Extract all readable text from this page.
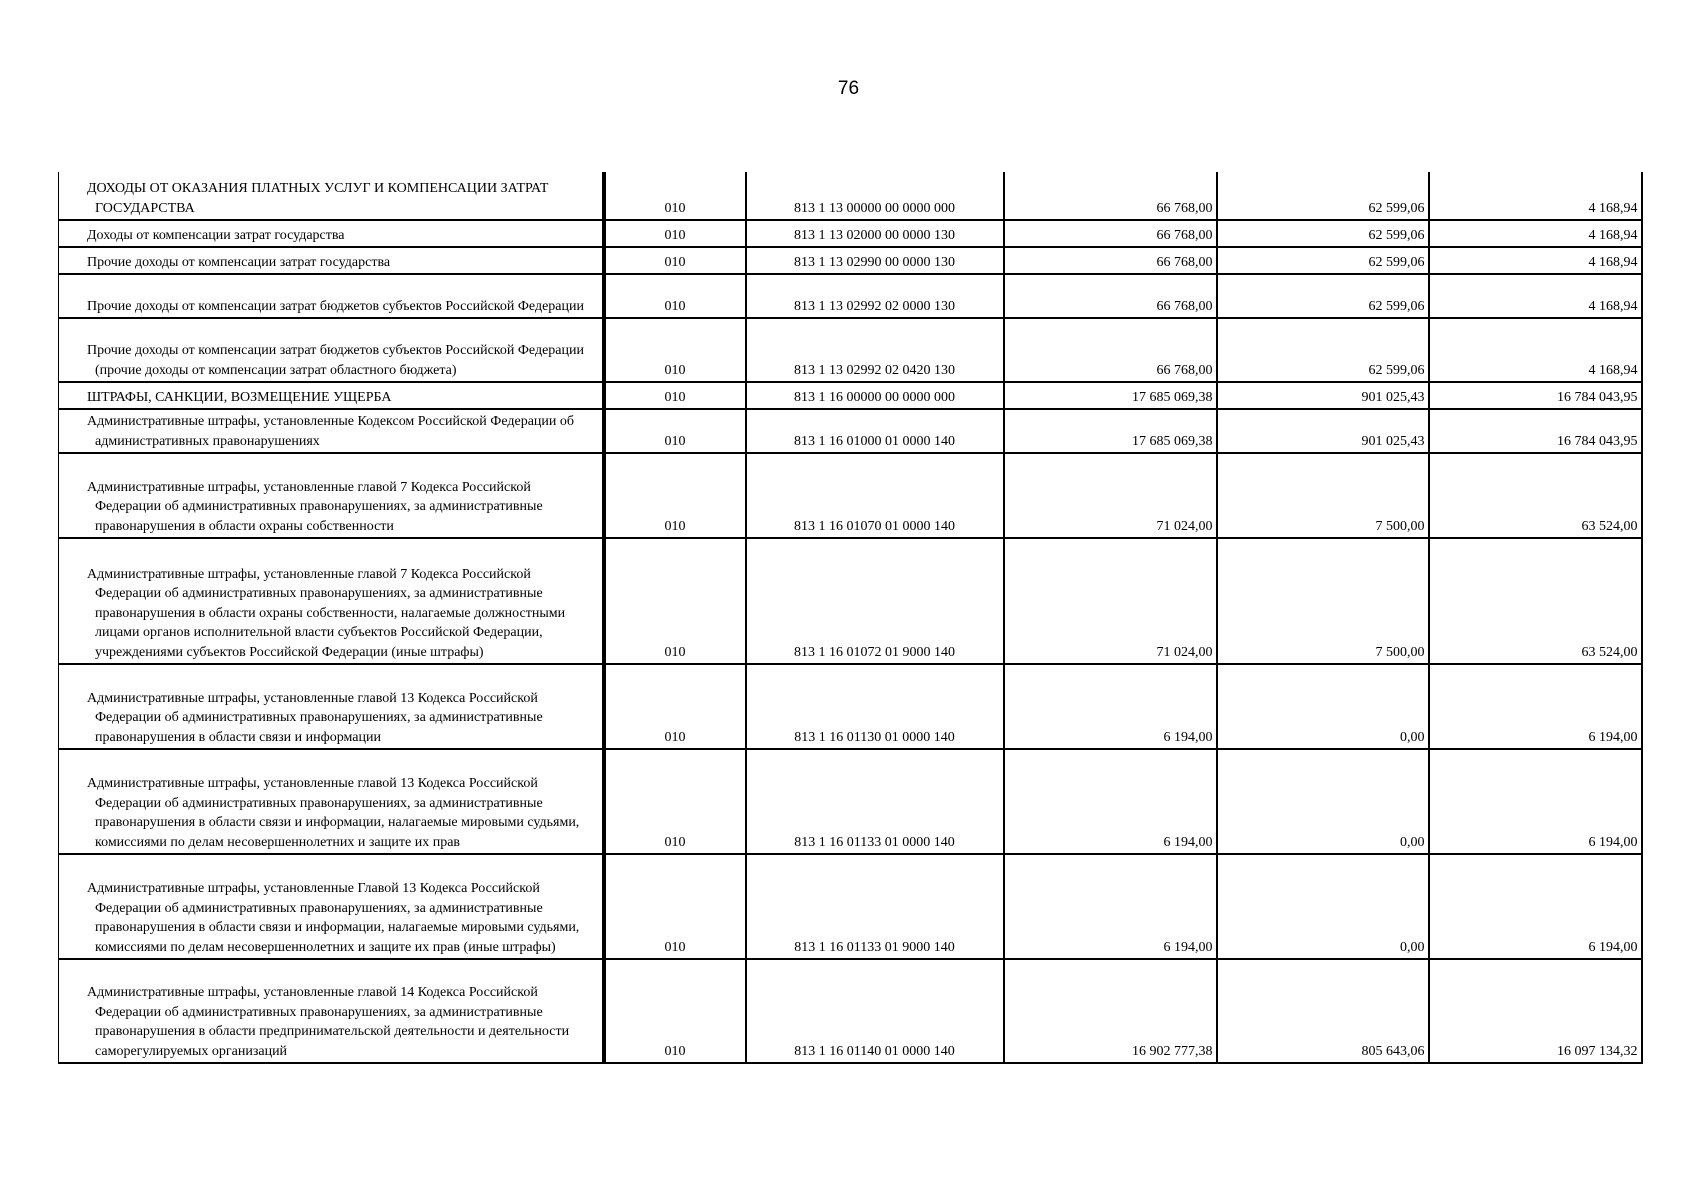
76
ДОХОДЫ ОТ ОКАЗАНИЯ ПЛАТНЫХ УСЛУГ И КОМПЕНСАЦИИ ЗАТРАТ ГОСУДАРСТВА	010	813 1 13 00000 00 0000 000	66 768,00	62 599,06	4 168,94
Доходы от компенсации затрат государства	010	813 1 13 02000 00 0000 130	66 768,00	62 599,06	4 168,94
Прочие доходы от компенсации затрат государства	010	813 1 13 02990 00 0000 130	66 768,00	62 599,06	4 168,94
Прочие доходы от компенсации затрат бюджетов субъектов Российской Федерации	010	813 1 13 02992 02 0000 130	66 768,00	62 599,06	4 168,94
Прочие доходы от компенсации затрат бюджетов субъектов Российской Федерации (прочие доходы от компенсации затрат областного бюджета)	010	813 1 13 02992 02 0420 130	66 768,00	62 599,06	4 168,94
ШТРАФЫ, САНКЦИИ, ВОЗМЕЩЕНИЕ УЩЕРБА	010	813 1 16 00000 00 0000 000	17 685 069,38	901 025,43	16 784 043,95
Административные штрафы, установленные Кодексом Российской Федерации об административных правонарушениях	010	813 1 16 01000 01 0000 140	17 685 069,38	901 025,43	16 784 043,95
Административные штрафы, установленные главой 7 Кодекса Российской Федерации об административных правонарушениях, за административные правонарушения в области охраны собственности	010	813 1 16 01070 01 0000 140	71 024,00	7 500,00	63 524,00
Административные штрафы, установленные главой 7 Кодекса Российской Федерации об административных правонарушениях, за административные правонарушения в области охраны собственности, налагаемые должностными лицами органов исполнительной власти субъектов Российской Федерации, учреждениями субъектов Российской Федерации (иные штрафы)	010	813 1 16 01072 01 9000 140	71 024,00	7 500,00	63 524,00
Административные штрафы, установленные главой 13 Кодекса Российской Федерации об административных правонарушениях, за административные правонарушения в области связи и информации	010	813 1 16 01130 01 0000 140	6 194,00	0,00	6 194,00
Административные штрафы, установленные главой 13 Кодекса Российской Федерации об административных правонарушениях, за административные правонарушения в области связи и информации, налагаемые мировыми судьями, комиссиями по делам несовершеннолетних и защите их прав	010	813 1 16 01133 01 0000 140	6 194,00	0,00	6 194,00
Административные штрафы, установленные Главой 13 Кодекса Российской Федерации об административных правонарушениях, за административные правонарушения в области связи и информации, налагаемые мировыми судьями, комиссиями по делам несовершеннолетних и защите их прав (иные штрафы)	010	813 1 16 01133 01 9000 140	6 194,00	0,00	6 194,00
Административные штрафы, установленные главой 14 Кодекса Российской Федерации об административных правонарушениях, за административные правонарушения в области предпринимательской деятельности и деятельности саморегулируемых организаций	010	813 1 16 01140 01 0000 140	16 902 777,38	805 643,06	16 097 134,32
